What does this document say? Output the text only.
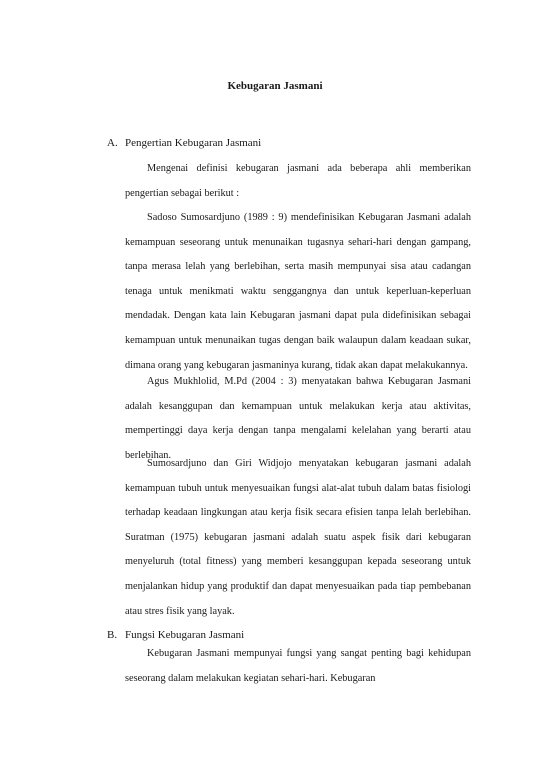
Kebugaran Jasmani
A. Pengertian Kebugaran Jasmani

Mengenai definisi kebugaran jasmani ada beberapa ahli memberikan pengertian sebagai berikut :

Sadoso Sumosardjuno (1989 : 9) mendefinisikan Kebugaran Jasmani adalah kemampuan seseorang untuk menunaikan tugasnya sehari-hari dengan gampang, tanpa merasa lelah yang berlebihan, serta masih mempunyai sisa atau cadangan tenaga untuk menikmati waktu senggangnya dan untuk keperluan-keperluan mendadak. Dengan kata lain Kebugaran jasmani dapat pula didefinisikan sebagai kemampuan untuk menunaikan tugas dengan baik walaupun dalam keadaan sukar, dimana orang yang kebugaran jasmaninya kurang, tidak akan dapat melakukannya.

Agus Mukhlolid, M.Pd (2004 : 3) menyatakan bahwa Kebugaran Jasmani adalah kesanggupan dan kemampuan untuk melakukan kerja atau aktivitas, mempertinggi daya kerja dengan tanpa mengalami kelelahan yang berarti atau berlebihan.

Sumosardjuno dan Giri Widjojo menyatakan kebugaran jasmani adalah kemampuan tubuh untuk menyesuaikan fungsi alat-alat tubuh dalam batas fisiologi terhadap keadaan lingkungan atau kerja fisik secara efisien tanpa lelah berlebihan. Suratman (1975) kebugaran jasmani adalah suatu aspek fisik dari kebugaran menyeluruh (total fitness) yang memberi kesanggupan kepada seseorang untuk menjalankan hidup yang produktif dan dapat menyesuaikan pada tiap pembebanan atau stres fisik yang layak.

B. Fungsi Kebugaran Jasmani

Kebugaran Jasmani mempunyai fungsi yang sangat penting bagi kehidupan seseorang dalam melakukan kegiatan sehari-hari. Kebugaran
